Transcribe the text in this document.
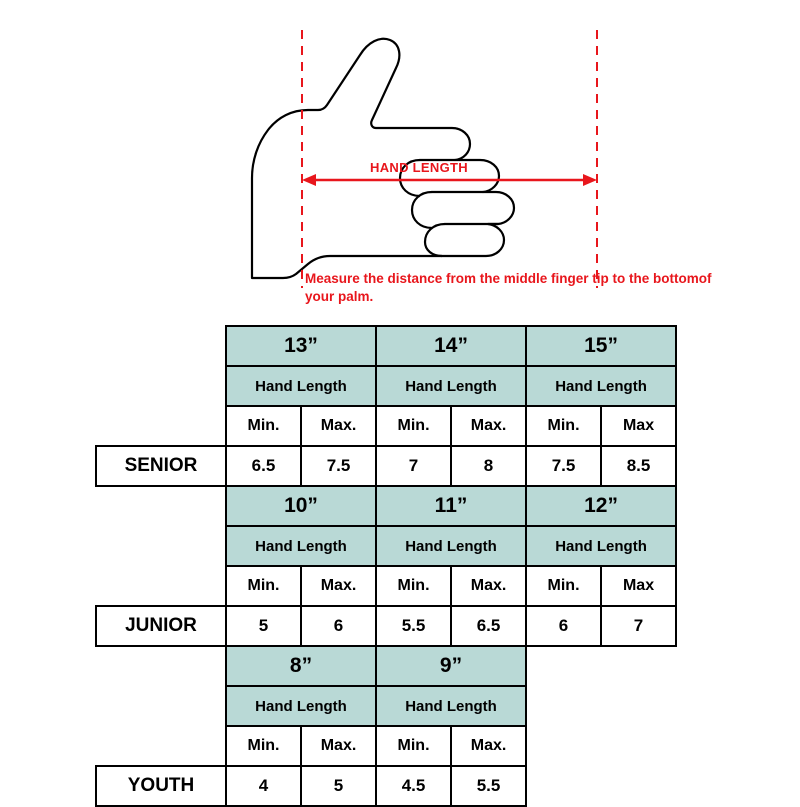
HAND LENGTH
Measure the distance from the middle finger tip to the bottomof your palm.
	13”		14”		15”	
	Hand Length		Hand Length		Hand Length	
	Min.	Max.	Min.	Max.	Min.	Max
SENIOR	6.5	7.5	7	8	7.5	8.5
	10”		11”		12”	
	Hand Length		Hand Length		Hand Length	
	Min.	Max.	Min.	Max.	Min.	Max
JUNIOR	5	6	5.5	6.5	6	7
	8”		9”			
	Hand Length		Hand Length			
	Min.	Max.	Min.	Max.		
YOUTH	4	5	4.5	5.5		
